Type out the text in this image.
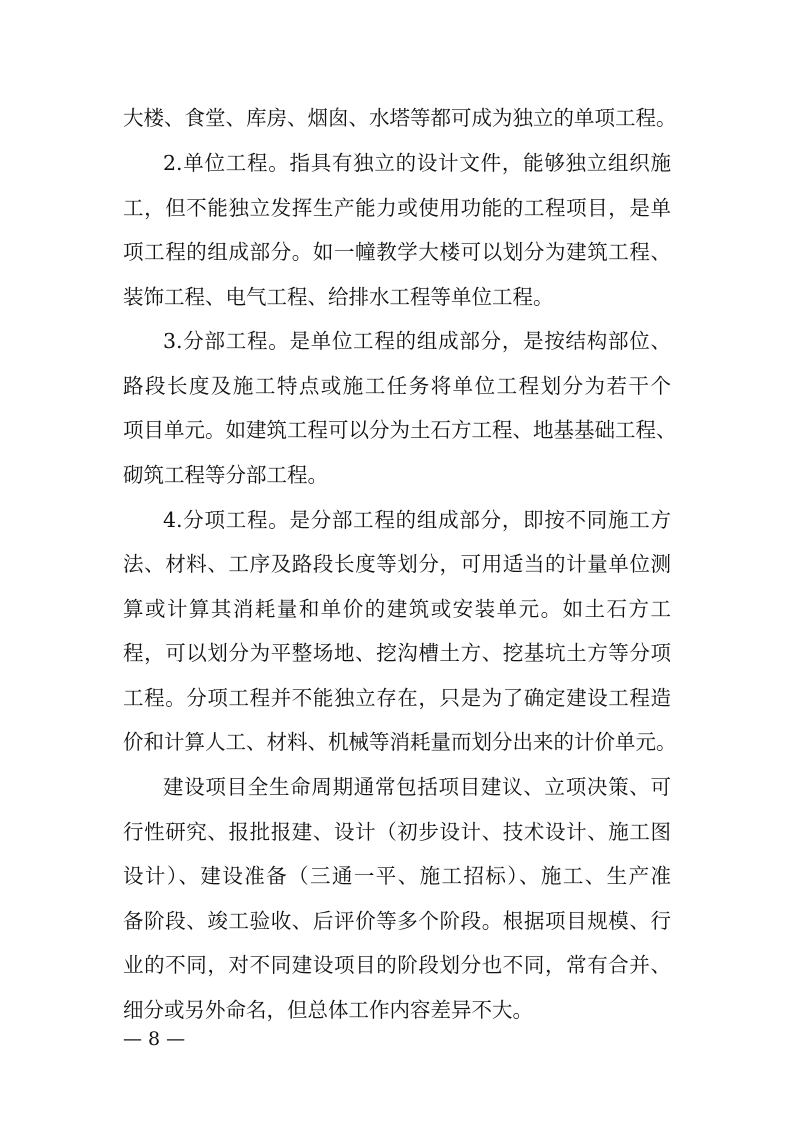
大楼、食堂、库房、烟囱、水塔等都可成为独立的单项工程。
2.单位工程。指具有独立的设计文件，能够独立组织施
工，但不能独立发挥生产能力或使用功能的工程项目，是单
项工程的组成部分。如一幢教学大楼可以划分为建筑工程、
装饰工程、电气工程、给排水工程等单位工程。
3.分部工程。是单位工程的组成部分，是按结构部位、
路段长度及施工特点或施工任务将单位工程划分为若干个
项目单元。如建筑工程可以分为土石方工程、地基基础工程、
砌筑工程等分部工程。
4.分项工程。是分部工程的组成部分，即按不同施工方
法、材料、工序及路段长度等划分，可用适当的计量单位测
算或计算其消耗量和单价的建筑或安装单元。如土石方工
程，可以划分为平整场地、挖沟槽土方、挖基坑土方等分项
工程。分项工程并不能独立存在，只是为了确定建设工程造
价和计算人工、材料、机械等消耗量而划分出来的计价单元。
建设项目全生命周期通常包括项目建议、立项决策、可
行性研究、报批报建、设计（初步设计、技术设计、施工图
设计）、建设准备（三通一平、施工招标）、施工、生产准
备阶段、竣工验收、后评价等多个阶段。根据项目规模、行
业的不同，对不同建设项目的阶段划分也不同，常有合并、
细分或另外命名，但总体工作内容差异不大。
— 8 —
